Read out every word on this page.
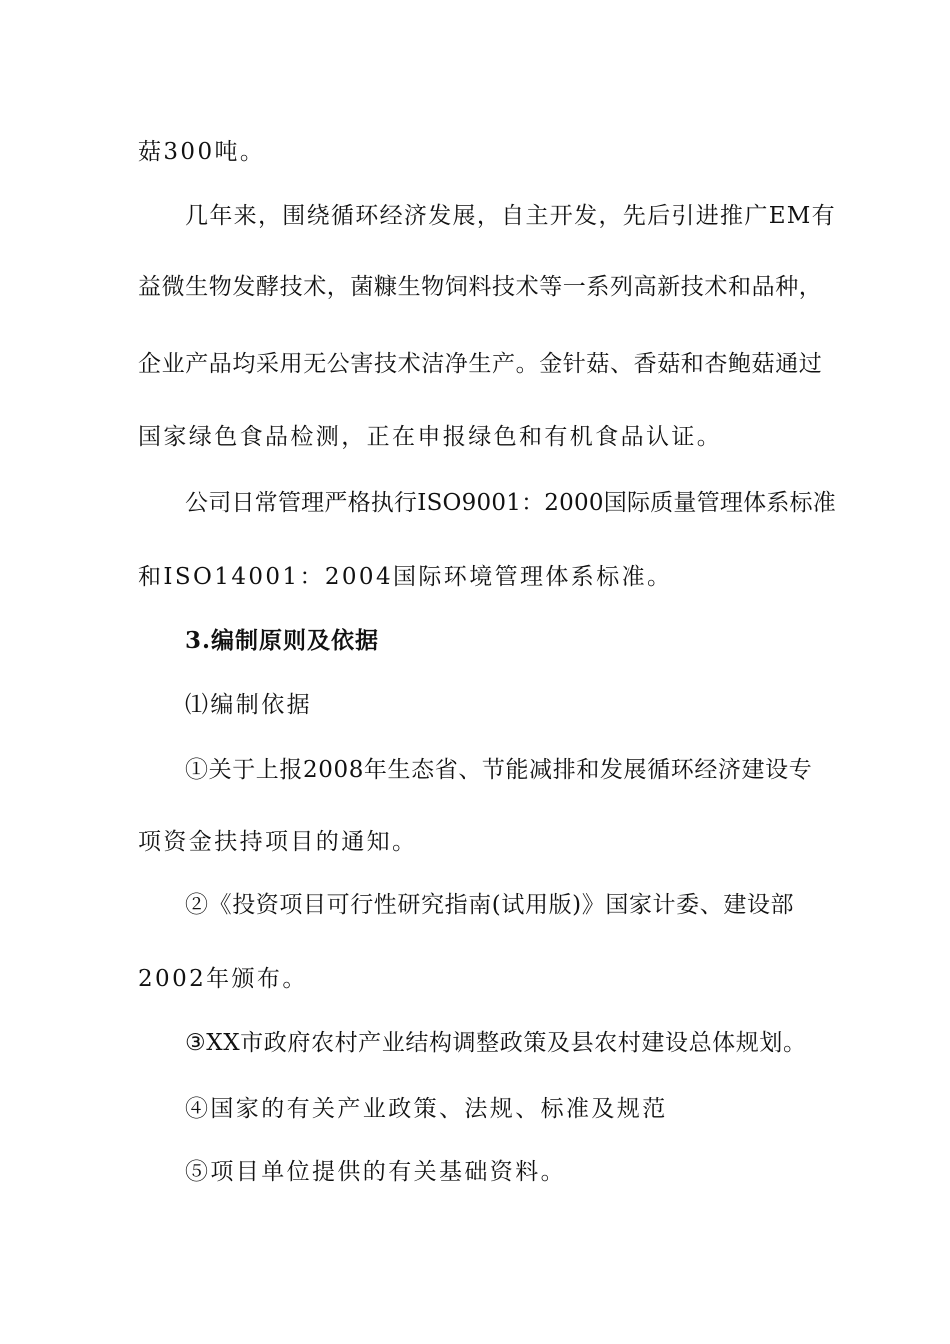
菇300吨。
几年来，围绕循环经济发展，自主开发，先后引进推广EM有
益微生物发酵技术，菌糠生物饲料技术等一系列高新技术和品种，
企业产品均采用无公害技术洁净生产。金针菇、香菇和杏鲍菇通过
国家绿色食品检测，正在申报绿色和有机食品认证。
公司日常管理严格执行ISO9001：2000国际质量管理体系标准
和ISO14001：2004国际环境管理体系标准。
3.编制原则及依据
⑴编制依据
①关于上报2008年生态省、节能减排和发展循环经济建设专
项资金扶持项目的通知。
②《投资项目可行性研究指南(试用版)》国家计委、建设部
2002年颁布。
③XX市政府农村产业结构调整政策及县农村建设总体规划。
④国家的有关产业政策、法规、标准及规范
⑤项目单位提供的有关基础资料。
